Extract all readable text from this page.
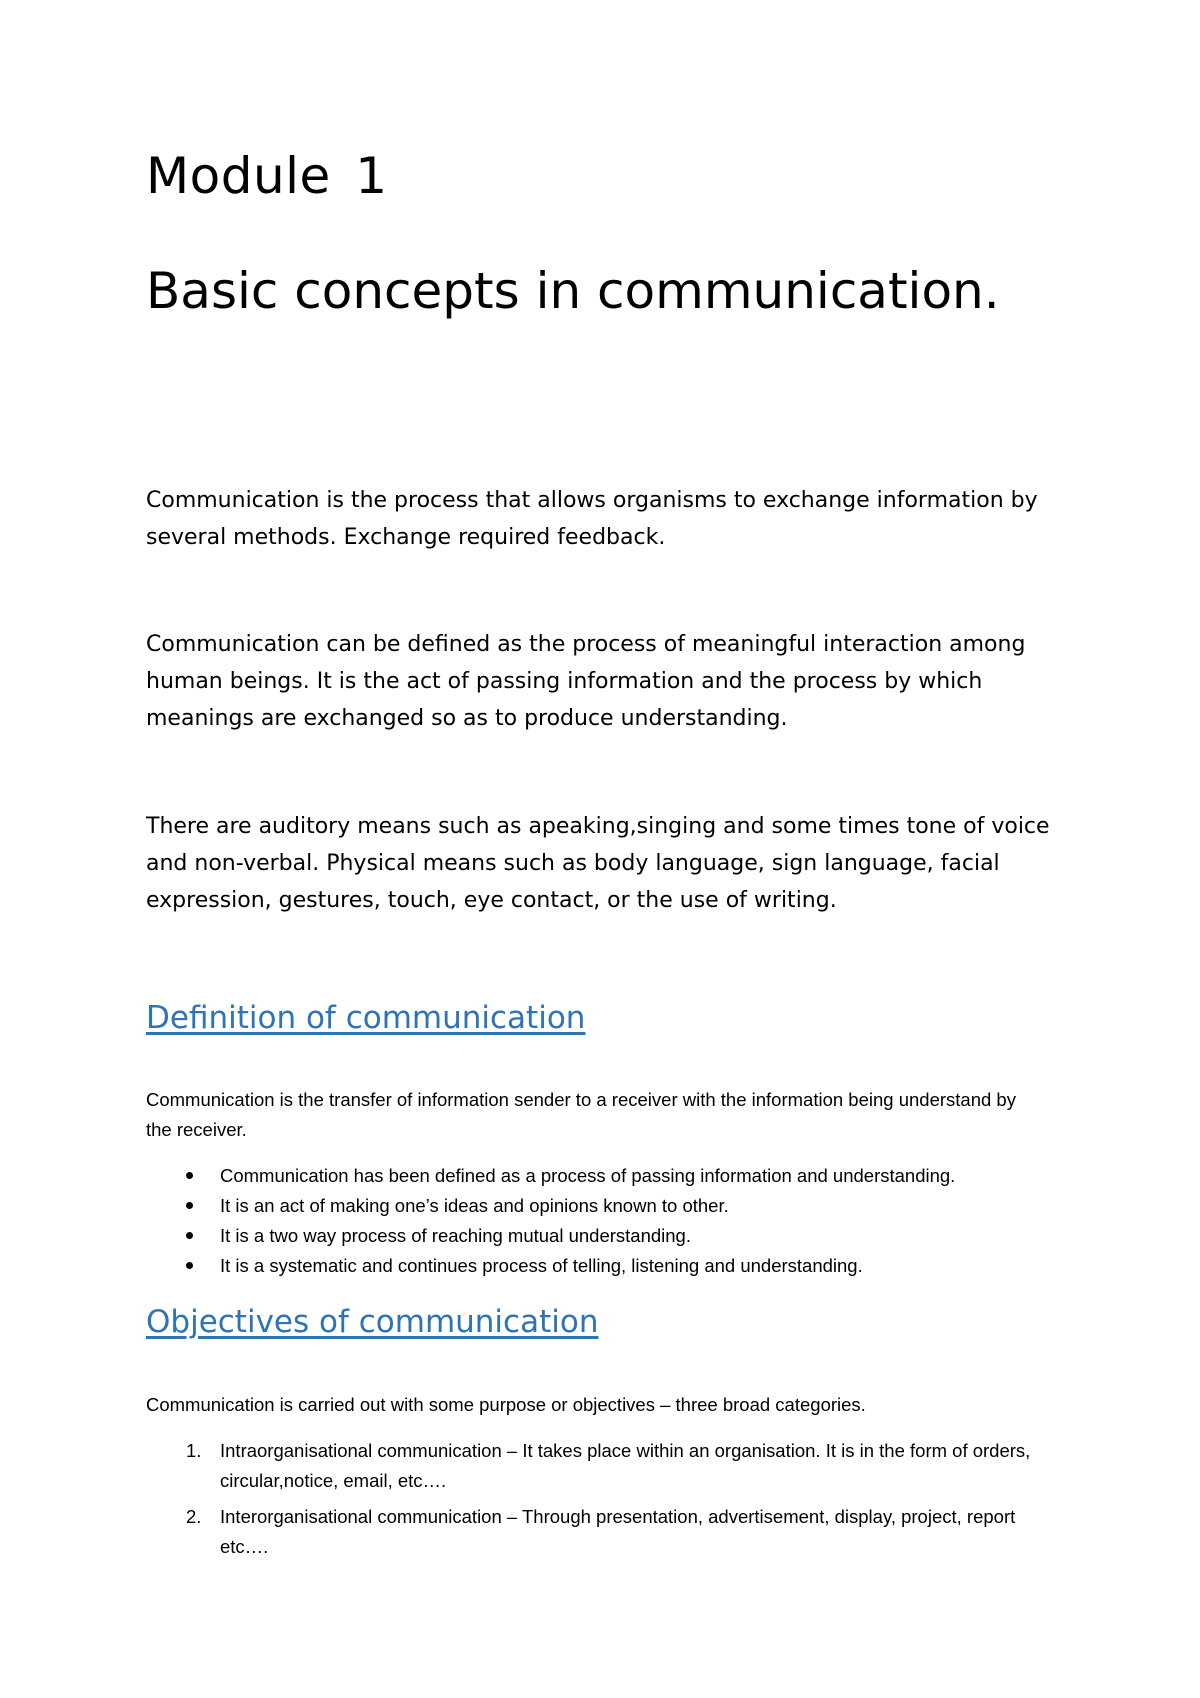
Module 1
Basic concepts in communication.

Communication is the process that allows organisms to exchange information by several methods. Exchange required feedback.

Communication can be defined as the process of meaningful interaction among human beings. It is the act of passing information and the process by which meanings are exchanged so as to produce understanding.

There are auditory means such as apeaking,singing and some times tone of voice and non-verbal. Physical means such as body language, sign language, facial expression, gestures, touch, eye contact, or the use of writing.

Definition of communication

Communication is the transfer of information sender to a receiver with the information being understand by the receiver.

Communication has been defined as a process of passing information and understanding.
It is an act of making one’s ideas and opinions known to other.
It is a two way process of reaching mutual understanding.
It is a systematic and continues process of telling, listening and understanding.
Objectives of communication

Communication is carried out with some purpose or objectives – three broad categories.

1. Intraorganisational communication – It takes place within an organisation. It is in the form of orders, circular,notice, email, etc….
2. Interorganisational communication – Through presentation, advertisement, display, project, report etc….
